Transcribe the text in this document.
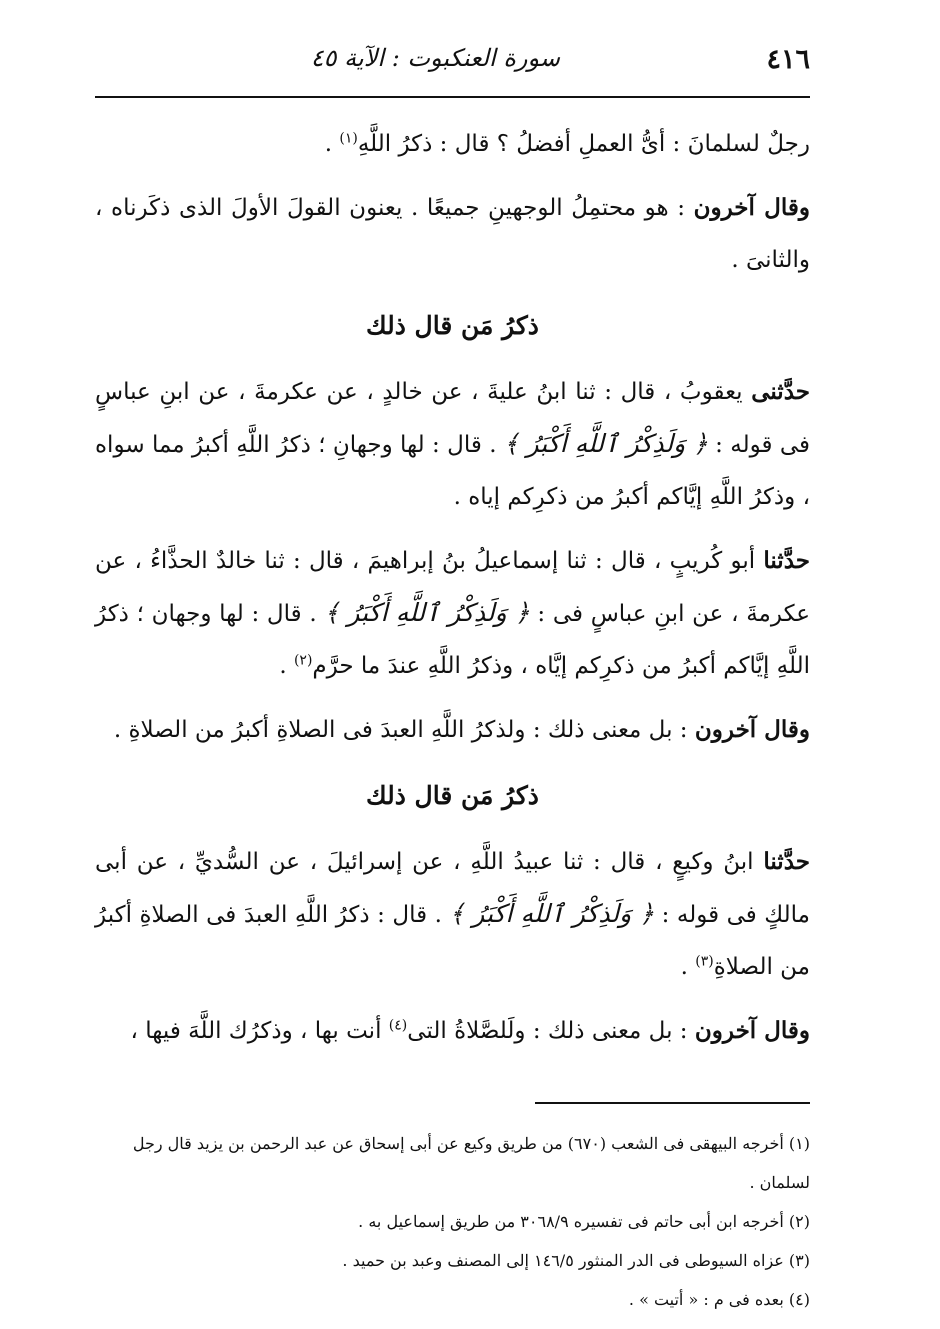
٤١٦
سورة العنكبوت : الآية ٤٥

رجلٌ لسلمانَ : أىُّ العملِ أفضلُ ؟ قال : ذكرُ اللَّهِ$^{(١)}$ .

وقال آخرون : هو محتمِلُ الوجهينِ جميعًا . يعنون القولَ الأولَ الذى ذكَرناه ، والثانىَ .

ذكرُ مَن قال ذلك

حدَّثنى يعقوبُ ، قال : ثنا ابنُ عليةَ ، عن خالدٍ ، عن عكرمةَ ، عن ابنِ عباسٍ فى قوله : ﴿ وَلَذِكْرُ ٱللَّهِ أَكْبَرُ ﴾ . قال : لها وجهانِ ؛ ذكرُ اللَّهِ أكبرُ مما سواه ، وذكرُ اللَّهِ إيَّاكم أكبرُ من ذكرِكم إياه .

حدَّثنا أبو كُريبٍ ، قال : ثنا إسماعيلُ بنُ إبراهيمَ ، قال : ثنا خالدٌ الحذَّاءُ ، عن عكرمةَ ، عن ابنِ عباسٍ فى : ﴿ وَلَذِكْرُ ٱللَّهِ أَكْبَرُ ﴾ . قال : لها وجهان ؛ ذكرُ اللَّهِ إيَّاكم أكبرُ من ذكرِكم إيَّاه ، وذكرُ اللَّهِ عندَ ما حرَّم$^{(٢)}$ .

وقال آخرون : بل معنى ذلك : ولذكرُ اللَّهِ العبدَ فى الصلاةِ أكبرُ من الصلاةِ .

ذكرُ مَن قال ذلك

حدَّثنا ابنُ وكيعٍ ، قال : ثنا عبيدُ اللَّهِ ، عن إسرائيلَ ، عن السُّديِّ ، عن أبى مالكٍ فى قوله : ﴿ وَلَذِكْرُ ٱللَّهِ أَكْبَرُ ﴾ . قال : ذكرُ اللَّهِ العبدَ فى الصلاةِ أكبرُ من الصلاةِ$^{(٣)}$ .

وقال آخرون : بل معنى ذلك : ولَلصَّلاةُ التى$^{(٤)}$ أنت بها ، وذكرُك اللَّهَ فيها ،

(١) أخرجه البيهقى فى الشعب (٦٧٠) من طريق وكيع عن أبى إسحاق عن عبد الرحمن بن يزيد قال رجل لسلمان .

(٢) أخرجه ابن أبى حاتم فى تفسيره ٣٠٦٨/٩ من طريق إسماعيل به .

(٣) عزاه السيوطى فى الدر المنثور ١٤٦/٥ إلى المصنف وعبد بن حميد .

(٤) بعده فى م : « أتيت » .
